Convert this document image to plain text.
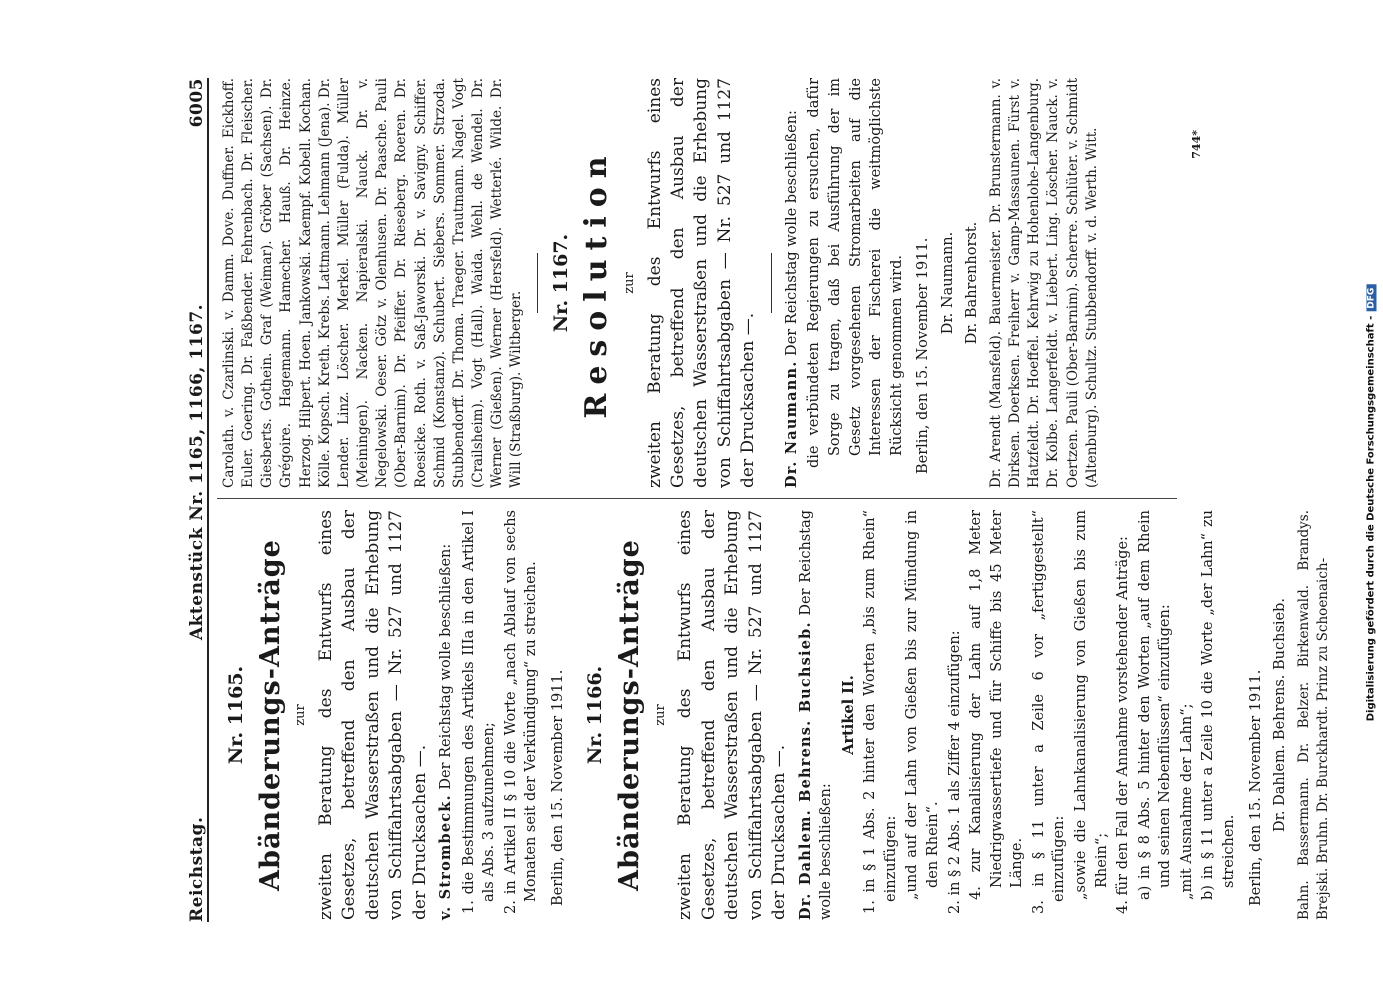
Reichstag.
Aktenstück Nr. 1165, 1166, 1167.
6005
Nr. 1165. Abänderungs-Anträge zur zweiten Beratung des Entwurfs eines Gesetzes, betreffend den Ausbau der deutschen Wasserstraßen und die Erhebung von Schiffahrtsabgaben — Nr. 527 und 1127 der Drucksachen —. v. Strombeck. Der Reichstag wolle beschließen: 1. die Bestimmungen des Artikels IIIa in den Artikel I als Abs. 3 aufzunehmen; 2. in Artikel II § 10 die Worte „nach Ablauf von sechs Monaten seit der Verkündigung“ zu streichen. Berlin, den 15. November 1911. Nr. 1166. Abänderungs-Anträge zur zweiten Beratung des Entwurfs eines Gesetzes, betreffend den Ausbau der deutschen Wasserstraßen und die Erhebung von Schiffahrtsabgaben — Nr. 527 und 1127 der Drucksachen —. Dr. Dahlem. Behrens. Buchsieb. Der Reichstag wolle beschließen:

Artikel II. 1. in § 1 Abs. 2 hinter den Worten „bis zum Rhein“ einzufügen: „und auf der Lahn von Gießen bis zur Mündung in den Rhein“. 2. in § 2 Abs. 1 als Ziffer 4 einzufügen: 4. zur Kanalisierung der Lahn auf 1,8 Meter Niedrigwassertiefe und für Schiffe bis 45 Meter Länge. 3. in § 11 unter a Zeile 6 vor „fertiggestellt“ einzufügen: „sowie die Lahnkanalisierung von Gießen bis zum Rhein“; 4. für den Fall der Annahme vorstehender Anträge: a) in § 8 Abs. 5 hinter den Worten „auf dem Rhein und seinen Nebenflüssen“ einzufügen: „mit Ausnahme der Lahn“; b) in § 11 unter a Zeile 10 die Worte „der Lahn“ zu streichen. Berlin, den 15. November 1911. Dr. Dahlem. Behrens. Buchsieb. Bahn. Bassermann. Dr. Belzer. Birkenwald. Brandys. Brejski. Bruhn. Dr. Burckhardt. Prinz zu Schoenaich-

Carolath. v. Czarlinski. v. Damm. Dove. Duffner. Eickhoff. Euler. Goering. Dr. Faßbender. Fehrenbach. Dr. Fleischer. Giesberts. Gothein. Graf (Weimar). Gröber (Sachsen). Dr. Grégoire. Hagemann. Hamecher. Hauß. Dr. Heinze. Herzog. Hilpert. Hoen. Jankowski. Kaempf. Kobell. Kochan. Kölle. Kopsch. Kreth. Krebs. Lattmann. Lehmann (Jena). Dr. Lender. Linz. Löscher. Merkel. Müller (Fulda). Müller (Meiningen). Nacken. Napieralski. Nauck. Dr. v. Negelowski. Oeser. Götz v. Olenhusen. Dr. Paasche. Pauli (Ober-Barnim). Dr. Pfeiffer. Dr. Rieseberg. Roeren. Dr. Roesicke. Roth. v. Saß-Jaworski. Dr. v. Savigny. Schiffer. Schmid (Konstanz). Schubert. Siebers. Sommer. Strzoda. Stubbendorff. Dr. Thoma. Traeger. Trautmann. Nagel. Vogt (Crailsheim). Vogt (Hall). Waida. Wehl. de Wendel. Dr. Werner (Gießen). Werner (Hersfeld). Wetterlé. Wilde. Dr. Will (Straßburg). Wiltberger.

Nr. 1167. Resolution zur zweiten Beratung des Entwurfs eines Gesetzes, betreffend den Ausbau der deutschen Wasserstraßen und die Erhebung von Schiffahrtsabgaben — Nr. 527 und 1127 der Drucksachen —. Dr. Naumann. Der Reichstag wolle beschließen: die verbündeten Regierungen zu ersuchen, dafür Sorge zu tragen, daß bei Ausführung der im Gesetz vorgesehenen Stromarbeiten auf die Interessen der Fischerei die weitmöglichste Rücksicht genommen wird. Berlin, den 15. November 1911. Dr. Naumann. Dr. Bahrenhorst. Dr. Arendt (Mansfeld). Bauermeister. Dr. Brunstermann. v. Dirksen. Doerksen. Freiherr v. Gamp-Massaunen. Fürst v. Hatzfeldt. Dr. Hoeffel. Kehrwig zu Hohenlohe-Langenburg. Dr. Kolbe. Langerfeldt. v. Liebert. Ling. Löscher. Nauck. v. Oertzen. Pauli (Ober-Barnim). Scherre. Schlüter. v. Schmidt (Altenburg). Schultz. Stubbendorff. v. d. Werth. Witt.	744*
Digitalisierung gefördert durch die Deutsche Forschungsgemeinschaft -DFG
